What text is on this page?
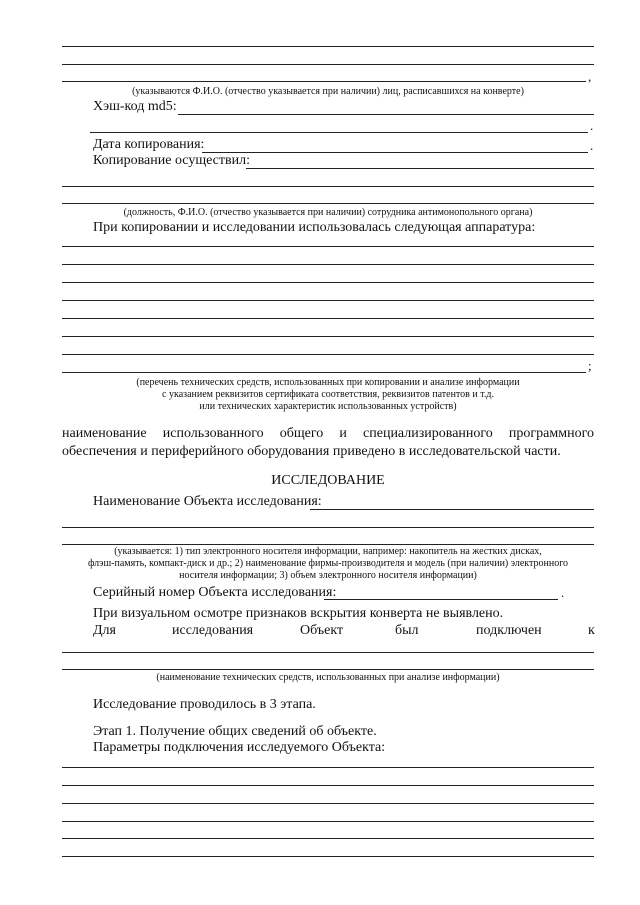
,
(указываются Ф.И.О. (отчество указывается при наличии) лиц, расписавшихся на конверте)
Хэш-код md5:
.
Дата копирования:	.
Копирование осуществил:
(должность, Ф.И.О. (отчество указывается при наличии) сотрудника антимонопольного органа)
При копировании и исследовании использовалась следующая аппаратура:
;
(перечень технических средств, использованных при копировании и анализе информации
с указанием реквизитов сертификата соответствия, реквизитов патентов и т.д.
или технических характеристик использованных устройств)
наименование использованного общего и специализированного программного обеспечения и периферийного оборудования приведено в исследовательской части.
ИССЛЕДОВАНИЕ
Наименование Объекта исследования:
(указывается: 1) тип электронного носителя информации, например: накопитель на жестких дисках,
флэш-память, компакт-диск и др.; 2) наименование фирмы-производителя и модель (при наличии) электронного
носителя информации; 3) объем электронного носителя информации)
Серийный номер Объекта исследования:	.
При визуальном осмотре признаков вскрытия конверта не выявлено.
Для	исследования	Объект	был	подключен	к
(наименование технических средств, использованных при анализе информации)
Исследование проводилось в 3 этапа.
Этап 1. Получение общих сведений об объекте.
Параметры подключения исследуемого Объекта:
